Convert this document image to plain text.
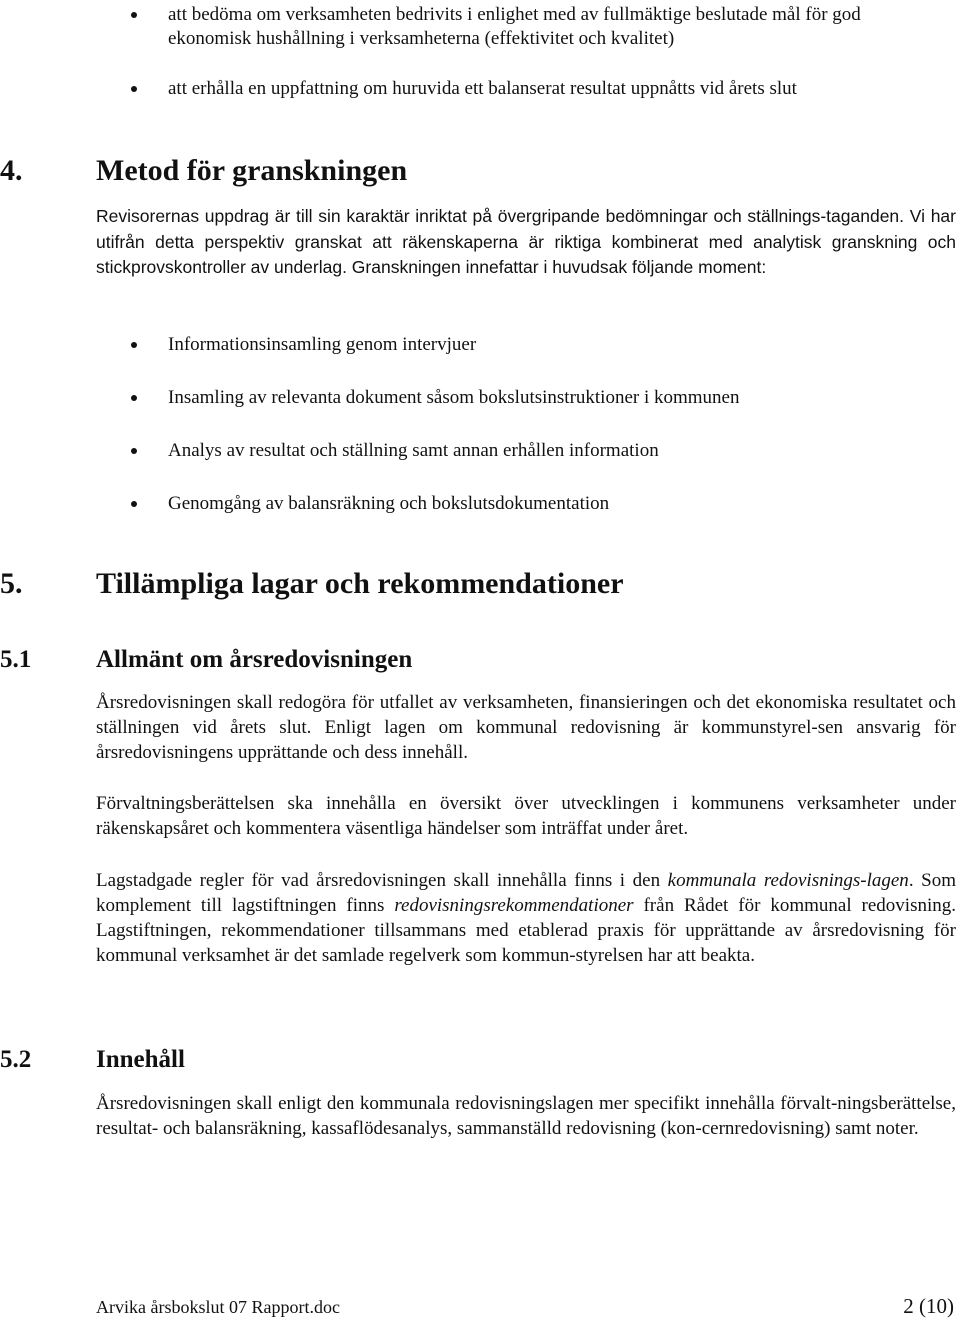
att bedöma om verksamheten bedrivits i enlighet med av fullmäktige beslutade mål för god ekonomisk hushållning i verksamheterna (effektivitet och kvalitet)
att erhålla en uppfattning om huruvida ett balanserat resultat uppnåtts vid årets slut
4. Metod för granskningen

Revisorernas uppdrag är till sin karaktär inriktat på övergripande bedömningar och ställnings-taganden. Vi har utifrån detta perspektiv granskat att räkenskaperna är riktiga kombinerat med analytisk granskning och stickprovskontroller av underlag. Granskningen innefattar i huvudsak följande moment:

Informationsinsamling genom intervjuer
Insamling av relevanta dokument såsom bokslutsinstruktioner i kommunen
Analys av resultat och ställning samt annan erhållen information
Genomgång av balansräkning och bokslutsdokumentation
5. Tillämpliga lagar och rekommendationer
5.1	Allmänt om årsredovisningen

Årsredovisningen skall redogöra för utfallet av verksamheten, finansieringen och det ekonomiska resultatet och ställningen vid årets slut. Enligt lagen om kommunal redovisning är kommunstyrel-sen ansvarig för årsredovisningens upprättande och dess innehåll.

Förvaltningsberättelsen ska innehålla en översikt över utvecklingen i kommunens verksamheter under räkenskapsåret och kommentera väsentliga händelser som inträffat under året.

Lagstadgade regler för vad årsredovisningen skall innehålla finns i den kommunala redovisnings-lagen. Som komplement till lagstiftningen finns redovisningsrekommendationer från Rådet för kommunal redovisning. Lagstiftningen, rekommendationer tillsammans med etablerad praxis för upprättande av årsredovisning för kommunal verksamhet är det samlade regelverk som kommun-styrelsen har att beakta.

5.2	Innehåll

Årsredovisningen skall enligt den kommunala redovisningslagen mer specifikt innehålla förvalt-ningsberättelse, resultat- och balansräkning, kassaflödesanalys, sammanställd redovisning (kon-cernredovisning) samt noter.

Arvika årsbokslut 07 Rapport.doc	2 (10)
